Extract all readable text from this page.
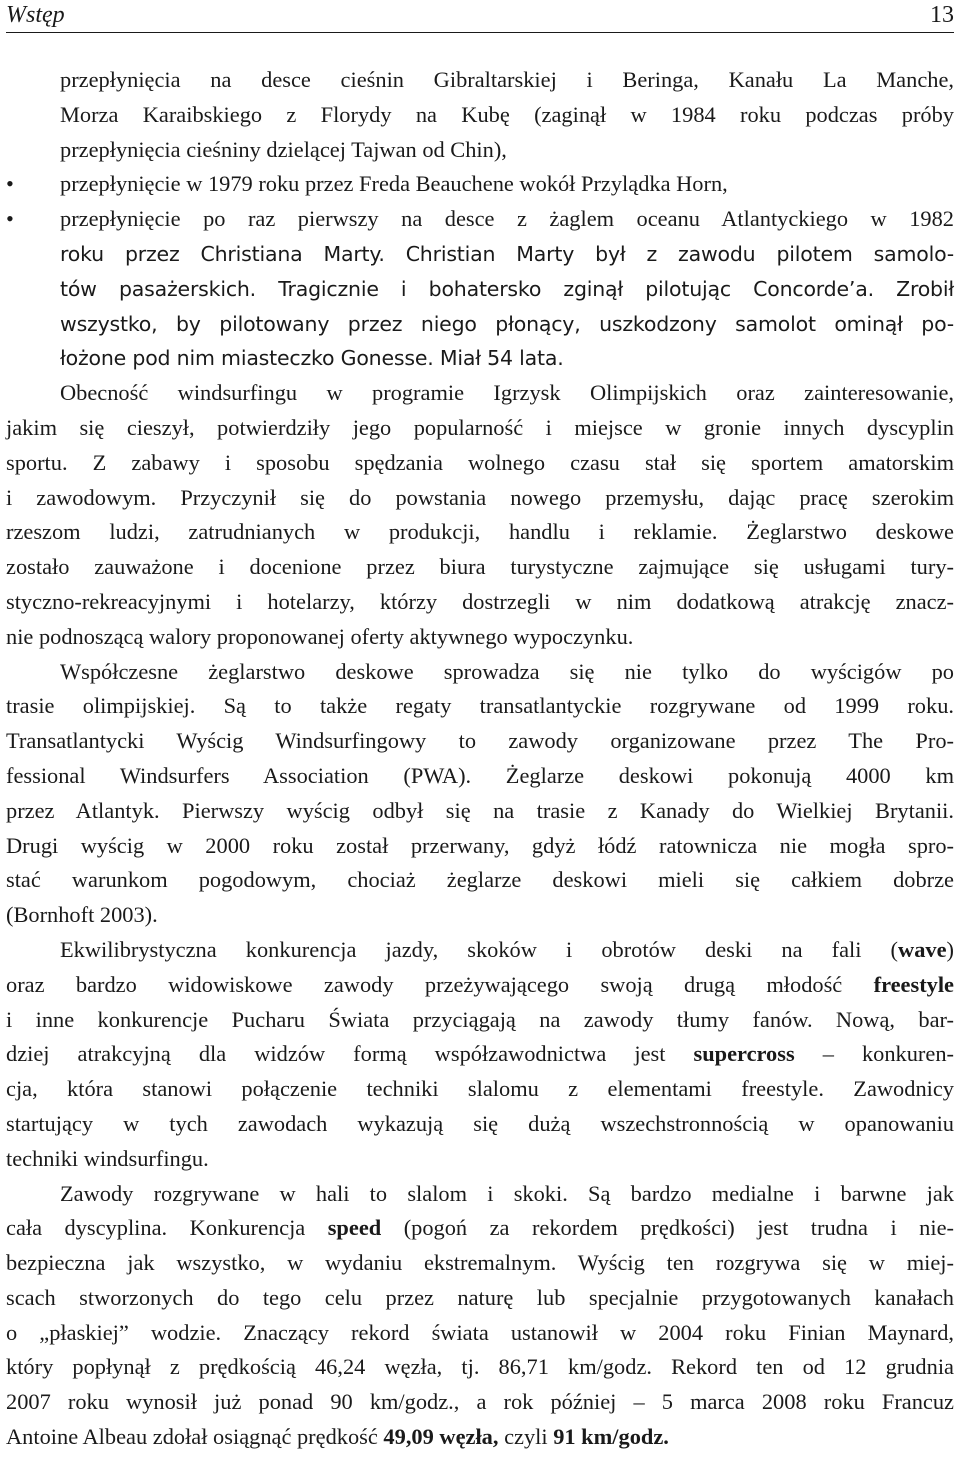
Wstęp	13
przepłynięcia na desce cieśnin Gibraltarskiej i Beringa, Kanału La Manche,
Morza Karaibskiego z Florydy na Kubę (zaginął w 1984 roku podczas próby
przepłynięcia cieśniny dzielącej Tajwan od Chin),
•	przepłynięcie w 1979 roku przez Freda Beauchene wokół Przylądka Horn,
•	przepłynięcie po raz pierwszy na desce z żaglem oceanu Atlantyckiego w 1982
roku przez Christiana Marty. Christian Marty był z zawodu pilotem samolo-
tów pasażerskich. Tragicznie i bohatersko zginął pilotując Concorde’a. Zrobił
wszystko, by pilotowany przez niego płonący, uszkodzony samolot ominął po-
łożone pod nim miasteczko Gonesse. Miał 54 lata.
Obecność windsurfingu w programie Igrzysk Olimpijskich oraz zainteresowanie,
jakim się cieszył, potwierdziły jego popularność i miejsce w gronie innych dyscyplin
sportu. Z zabawy i sposobu spędzania wolnego czasu stał się sportem amatorskim
i zawodowym. Przyczynił się do powstania nowego przemysłu, dając pracę szerokim
rzeszom ludzi, zatrudnianych w produkcji, handlu i reklamie. Żeglarstwo deskowe
zostało zauważone i docenione przez biura turystyczne zajmujące się usługami tury-
styczno-rekreacyjnymi i hotelarzy, którzy dostrzegli w nim dodatkową atrakcję znacz-
nie podnoszącą walory proponowanej oferty aktywnego wypoczynku.
Współczesne żeglarstwo deskowe sprowadza się nie tylko do wyścigów po
trasie olimpijskiej. Są to także regaty transatlantyckie rozgrywane od 1999 roku.
Transatlantycki Wyścig Windsurfingowy to zawody organizowane przez The Pro-
fessional Windsurfers Association (PWA). Żeglarze deskowi pokonują 4000 km
przez Atlantyk. Pierwszy wyścig odbył się na trasie z Kanady do Wielkiej Brytanii.
Drugi wyścig w 2000 roku został przerwany, gdyż łódź ratownicza nie mogła spro-
stać warunkom pogodowym, chociaż żeglarze deskowi mieli się całkiem dobrze
(Bornhoft 2003).
Ekwilibrystyczna konkurencja jazdy, skoków i obrotów deski na fali (wave)
oraz bardzo widowiskowe zawody przeżywającego swoją drugą młodość freestyle
i inne konkurencje Pucharu Świata przyciągają na zawody tłumy fanów. Nową, bar-
dziej atrakcyjną dla widzów formą współzawodnictwa jest supercross – konkuren-
cja, która stanowi połączenie techniki slalomu z elementami freestyle. Zawodnicy
startujący w tych zawodach wykazują się dużą wszechstronnością w opanowaniu
techniki windsurfingu.
Zawody rozgrywane w hali to slalom i skoki. Są bardzo medialne i barwne jak
cała dyscyplina. Konkurencja speed (pogoń za rekordem prędkości) jest trudna i nie-
bezpieczna jak wszystko, w wydaniu ekstremalnym. Wyścig ten rozgrywa się w miej-
scach stworzonych do tego celu przez naturę lub specjalnie przygotowanych kanałach
o „płaskiej” wodzie. Znaczący rekord świata ustanowił w 2004 roku Finian Maynard,
który popłynął z prędkością 46,24 węzła, tj. 86,71 km/godz. Rekord ten od 12 grudnia
2007 roku wynosił już ponad 90 km/godz., a rok później – 5 marca 2008 roku Francuz
Antoine Albeau zdołał osiągnąć prędkość 49,09 węzła, czyli 91 km/godz.
